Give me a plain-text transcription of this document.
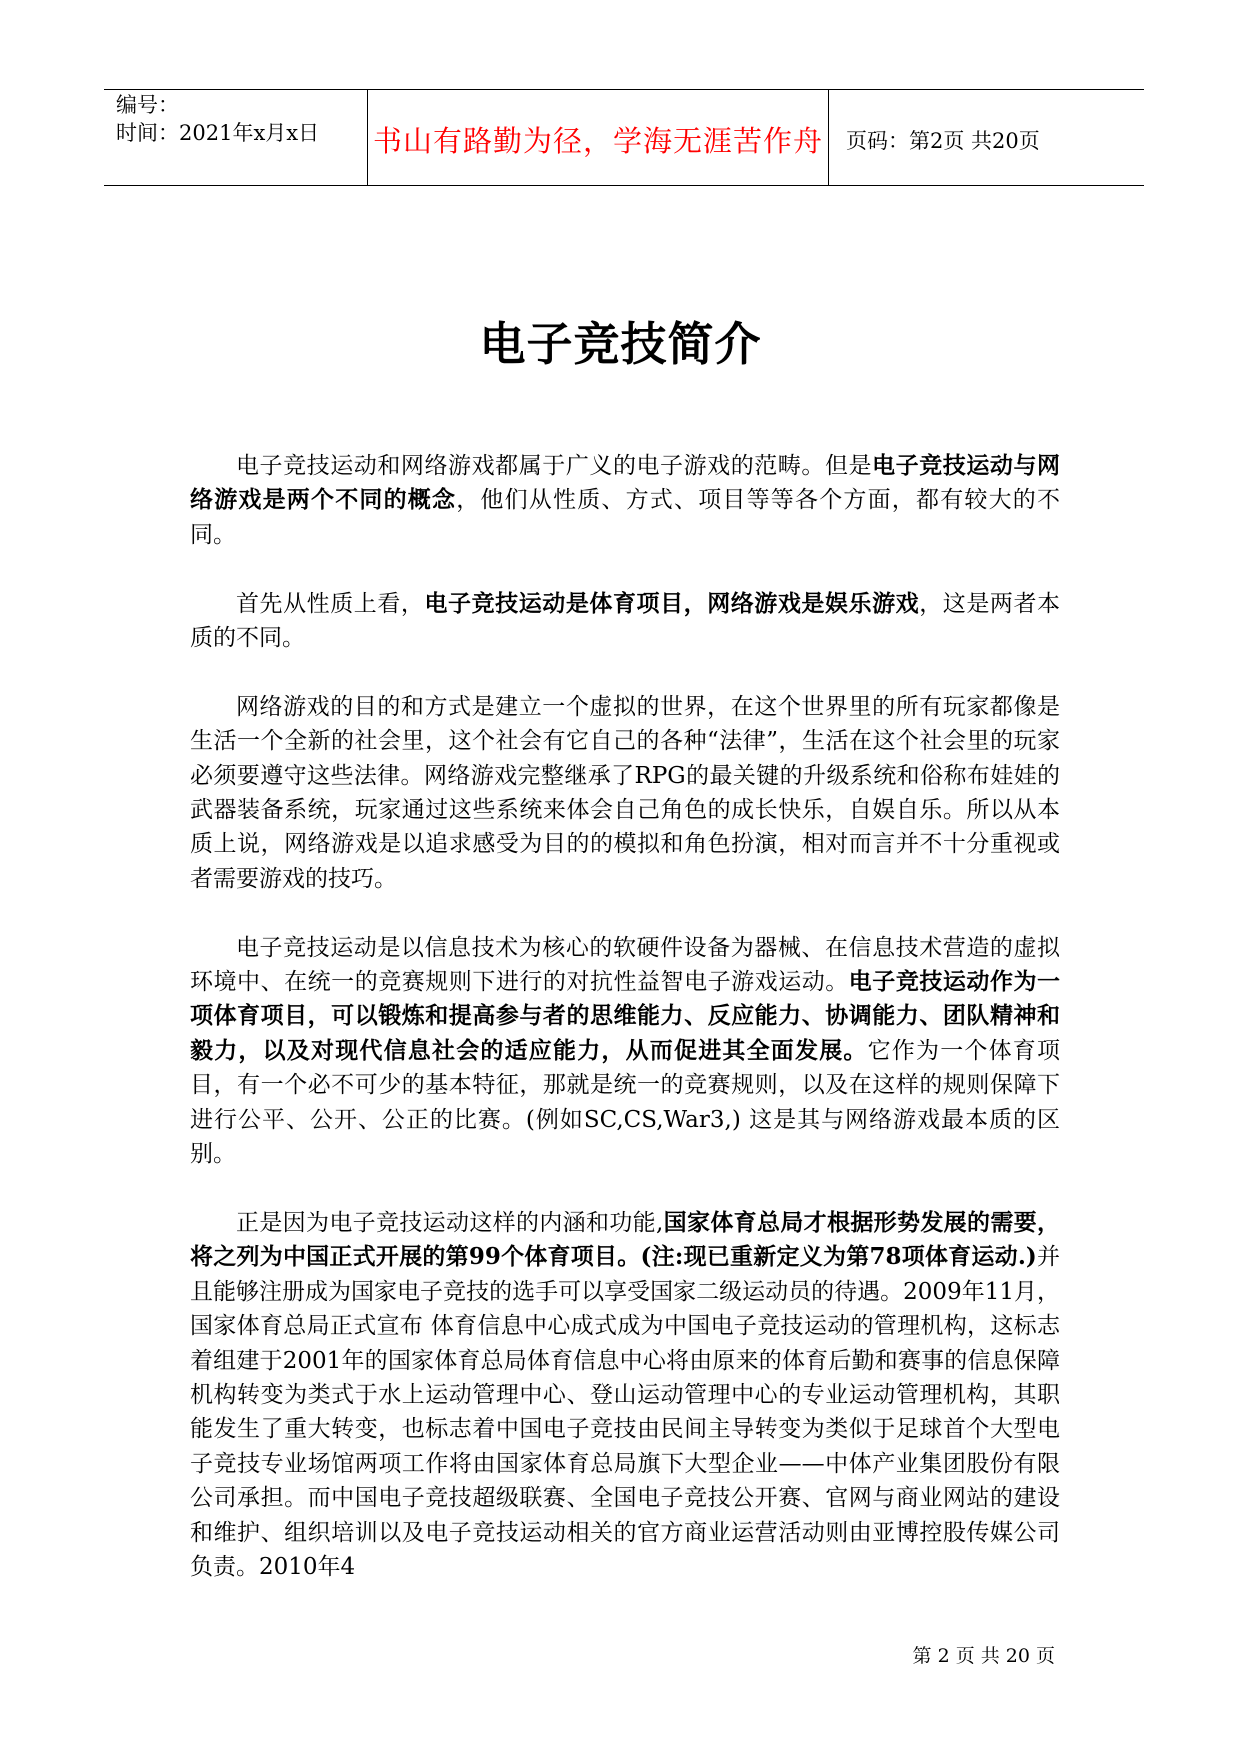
编号：
时间：2021年x月x日 书山有路勤为径，学海无涯苦作舟	页码：第2页 共20页
电子竞技简介

电子竞技运动和网络游戏都属于广义的电子游戏的范畴。但是电子竞技运动与网络游戏是两个不同的概念，他们从性质、方式、项目等等各个方面，都有较大的不同。

首先从性质上看，电子竞技运动是体育项目，网络游戏是娱乐游戏，这是两者本质的不同。

网络游戏的目的和方式是建立一个虚拟的世界，在这个世界里的所有玩家都像是生活一个全新的社会里，这个社会有它自己的各种“法律”，生活在这个社会里的玩家必须要遵守这些法律。网络游戏完整继承了RPG的最关键的升级系统和俗称布娃娃的武器装备系统，玩家通过这些系统来体会自己角色的成长快乐，自娱自乐。所以从本质上说，网络游戏是以追求感受为目的的模拟和角色扮演，相对而言并不十分重视或者需要游戏的技巧。

电子竞技运动是以信息技术为核心的软硬件设备为器械、在信息技术营造的虚拟环境中、在统一的竞赛规则下进行的对抗性益智电子游戏运动。电子竞技运动作为一项体育项目，可以锻炼和提高参与者的思维能力、反应能力、协调能力、团队精神和毅力，以及对现代信息社会的适应能力，从而促进其全面发展。它作为一个体育项目，有一个必不可少的基本特征，那就是统一的竞赛规则，以及在这样的规则保障下进行公平、公开、公正的比赛。(例如SC,CS,War3,) 这是其与网络游戏最本质的区别。

正是因为电子竞技运动这样的内涵和功能,国家体育总局才根据形势发展的需要，将之列为中国正式开展的第99个体育项目。(注:现已重新定义为第78项体育运动.)并且能够注册成为国家电子竞技的选手可以享受国家二级运动员的待遇。2009年11月，国家体育总局正式宣布 体育信息中心成式成为中国电子竞技运动的管理机构，这标志着组建于2001年的国家体育总局体育信息中心将由原来的体育后勤和赛事的信息保障机构转变为类式于水上运动管理中心、登山运动管理中心的专业运动管理机构，其职能发生了重大转变，也标志着中国电子竞技由民间主导转变为类似于足球首个大型电子竞技专业场馆两项工作将由国家体育总局旗下大型企业——中体产业集团股份有限公司承担。而中国电子竞技超级联赛、全国电子竞技公开赛、官网与商业网站的建设和维护、组织培训以及电子竞技运动相关的官方商业运营活动则由亚博控股传媒公司负责。2010年4

第 2 页 共 20 页
